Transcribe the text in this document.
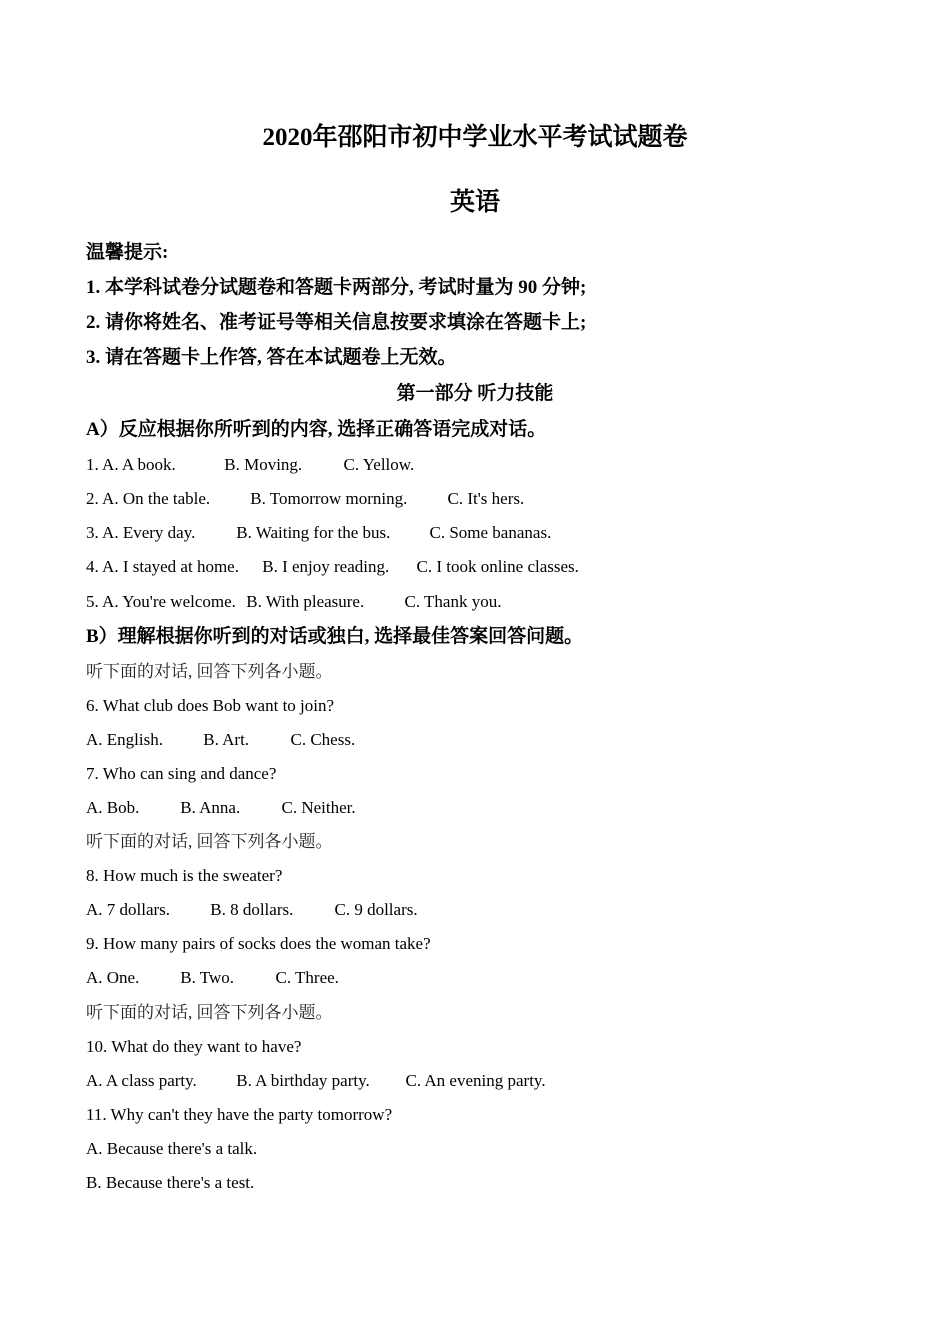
2020年邵阳市初中学业水平考试试题卷
英语
温馨提示:
1. 本学科试卷分试题卷和答题卡两部分, 考试时量为 90 分钟;
2. 请你将姓名、准考证号等相关信息按要求填涂在答题卡上;
3. 请在答题卡上作答, 答在本试题卷上无效。
第一部分 听力技能
A）反应根据你所听到的内容, 选择正确答语完成对话。
1. A. A book.	B. Moving. C. Yellow.
2. A. On the table. B. Tomorrow morning. C. It's hers.
3. A. Every day. B. Waiting for the bus. C. Some bananas.
4. A. I stayed at home. B. I enjoy reading. C. I took online classes.
5. A. You're welcome. B. With pleasure. C. Thank you.
B）理解根据你听到的对话或独白, 选择最佳答案回答问题。
听下面的对话, 回答下列各小题。
6. What club does Bob want to join?
A. English. B. Art. C. Chess.
7. Who can sing and dance?
A. Bob. B. Anna. C. Neither.
听下面的对话, 回答下列各小题。
8. How much is the sweater?
A. 7 dollars. B. 8 dollars. C. 9 dollars.
9. How many pairs of socks does the woman take?
A. One. B. Two. C. Three.
听下面的对话, 回答下列各小题。
10. What do they want to have?
A. A class party. B. A birthday party. C. An evening party.
11. Why can't they have the party tomorrow?
A. Because there's a talk.
B. Because there's a test.
